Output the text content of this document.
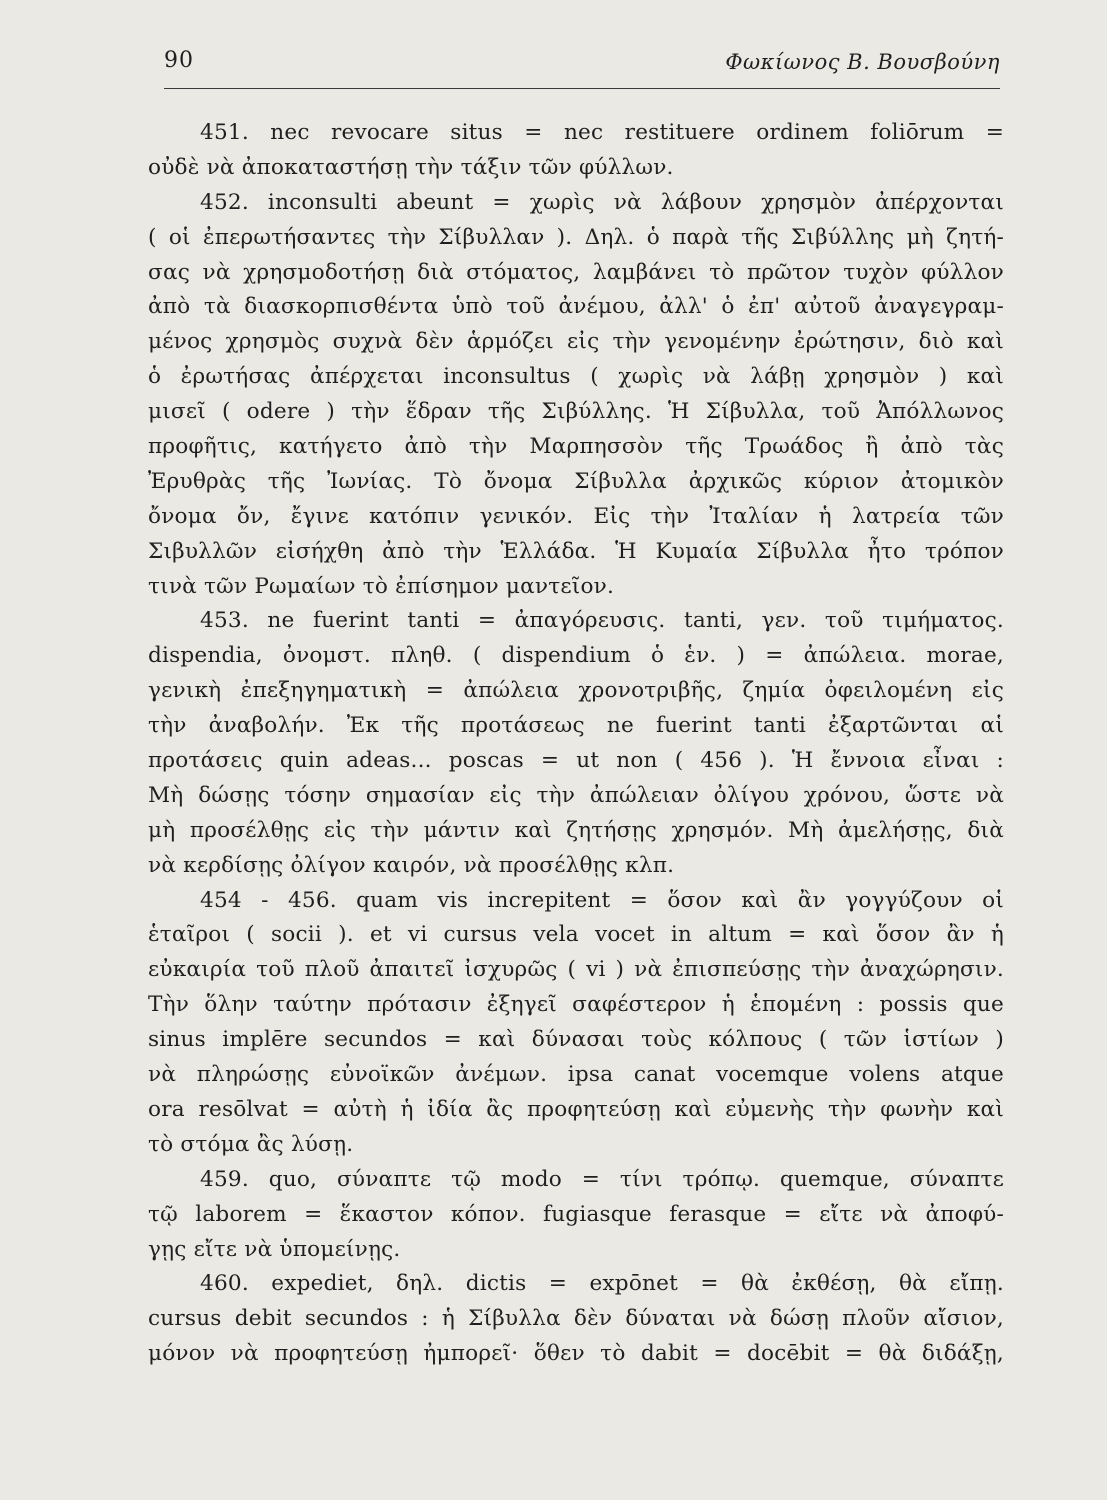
90	Φωκίωνος Β. Βουσβούνη
451. nec revocare situs = nec restituere ordinem foliōrum =
οὐδὲ νὰ ἀποκαταστήσῃ τὴν τάξιν τῶν φύλλων.
452. inconsulti abeunt = χωρὶς νὰ λάβουν χρησμὸν ἀπέρχονται
( οἱ ἐπερωτήσαντες τὴν Σίβυλλαν ). Δηλ. ὁ παρὰ τῆς Σιβύλλης μὴ ζητή-
σας νὰ χρησμοδοτήσῃ διὰ στόματος, λαμβάνει τὸ πρῶτον τυχὸν φύλλον
ἀπὸ τὰ διασκορπισθέντα ὑπὸ τοῦ ἀνέμου, ἀλλ' ὁ ἐπ' αὐτοῦ ἀναγεγραμ-
μένος χρησμὸς συχνὰ δὲν ἁρμόζει εἰς τὴν γενομένην ἐρώτησιν, διὸ καὶ
ὁ ἐρωτήσας ἀπέρχεται inconsultus ( χωρὶς νὰ λάβῃ χρησμὸν ) καὶ
μισεῖ ( odere ) τὴν ἕδραν τῆς Σιβύλλης. Ἡ Σίβυλλα, τοῦ Ἀπόλλωνος
προφῆτις, κατήγετο ἀπὸ τὴν Μαρπησσὸν τῆς Τρωάδος ἢ ἀπὸ τὰς
Ἐρυθρὰς τῆς Ἰωνίας. Τὸ ὄνομα Σίβυλλα ἀρχικῶς κύριον ἀτομικὸν
ὄνομα ὄν, ἔγινε κατόπιν γενικόν. Εἰς τὴν Ἰταλίαν ἡ λατρεία τῶν
Σιβυλλῶν εἰσήχθη ἀπὸ τὴν Ἑλλάδα. Ἡ Κυμαία Σίβυλλα ἦτο τρόπον
τινὰ τῶν Ρωμαίων τὸ ἐπίσημον μαντεῖον.
453. ne fuerint tanti = ἀπαγόρευσις. tanti, γεν. τοῦ τιμήματος.
dispendia, ὀνομστ. πληθ. ( dispendium ὁ ἑν. ) = ἀπώλεια. morae,
γενικὴ ἐπεξηγηματικὴ = ἀπώλεια χρονοτριβῆς, ζημία ὀφειλομένη εἰς
τὴν ἀναβολήν. Ἐκ τῆς προτάσεως ne fuerint tanti ἐξαρτῶνται αἱ
προτάσεις quin adeas... poscas = ut non ( 456 ). Ἡ ἔννοια εἶναι :
Μὴ δώσῃς τόσην σημασίαν εἰς τὴν ἀπώλειαν ὀλίγου χρόνου, ὥστε νὰ
μὴ προσέλθῃς εἰς τὴν μάντιν καὶ ζητήσῃς χρησμόν. Μὴ ἀμελήσῃς, διὰ
νὰ κερδίσῃς ὀλίγον καιρόν, νὰ προσέλθῃς κλπ.
454 - 456. quam vis increpitent = ὅσον καὶ ἂν γογγύζουν οἱ
ἑταῖροι ( socii ). et vi cursus vela vocet in altum = καὶ ὅσον ἂν ἡ
εὐκαιρία τοῦ πλοῦ ἀπαιτεῖ ἰσχυρῶς ( vi ) νὰ ἐπισπεύσῃς τὴν ἀναχώρησιν.
Τὴν ὅλην ταύτην πρότασιν ἐξηγεῖ σαφέστερον ἡ ἑπομένη : possis que
sinus implēre secundos = καὶ δύνασαι τοὺς κόλπους ( τῶν ἱστίων )
νὰ πληρώσῃς εὐνοϊκῶν ἀνέμων. ipsa canat vocemque volens atque
ora resōlvat = αὐτὴ ἡ ἰδία ἂς προφητεύσῃ καὶ εὐμενὴς τὴν φωνὴν καὶ
τὸ στόμα ἂς λύσῃ.
459. quo, σύναπτε τῷ modo = τίνι τρόπῳ. quemque, σύναπτε
τῷ laborem = ἕκαστον κόπον. fugiasque ferasque = εἴτε νὰ ἀποφύ-
γῃς εἴτε νὰ ὑπομείνῃς.
460. expediet, δηλ. dictis = expōnet = θὰ ἐκθέσῃ, θὰ εἴπῃ.
cursus debit secundos : ἡ Σίβυλλα δὲν δύναται νὰ δώσῃ πλοῦν αἴσιον,
μόνον νὰ προφητεύσῃ ἠμπορεῖ· ὅθεν τὸ dabit = docēbit = θὰ διδάξῃ,
